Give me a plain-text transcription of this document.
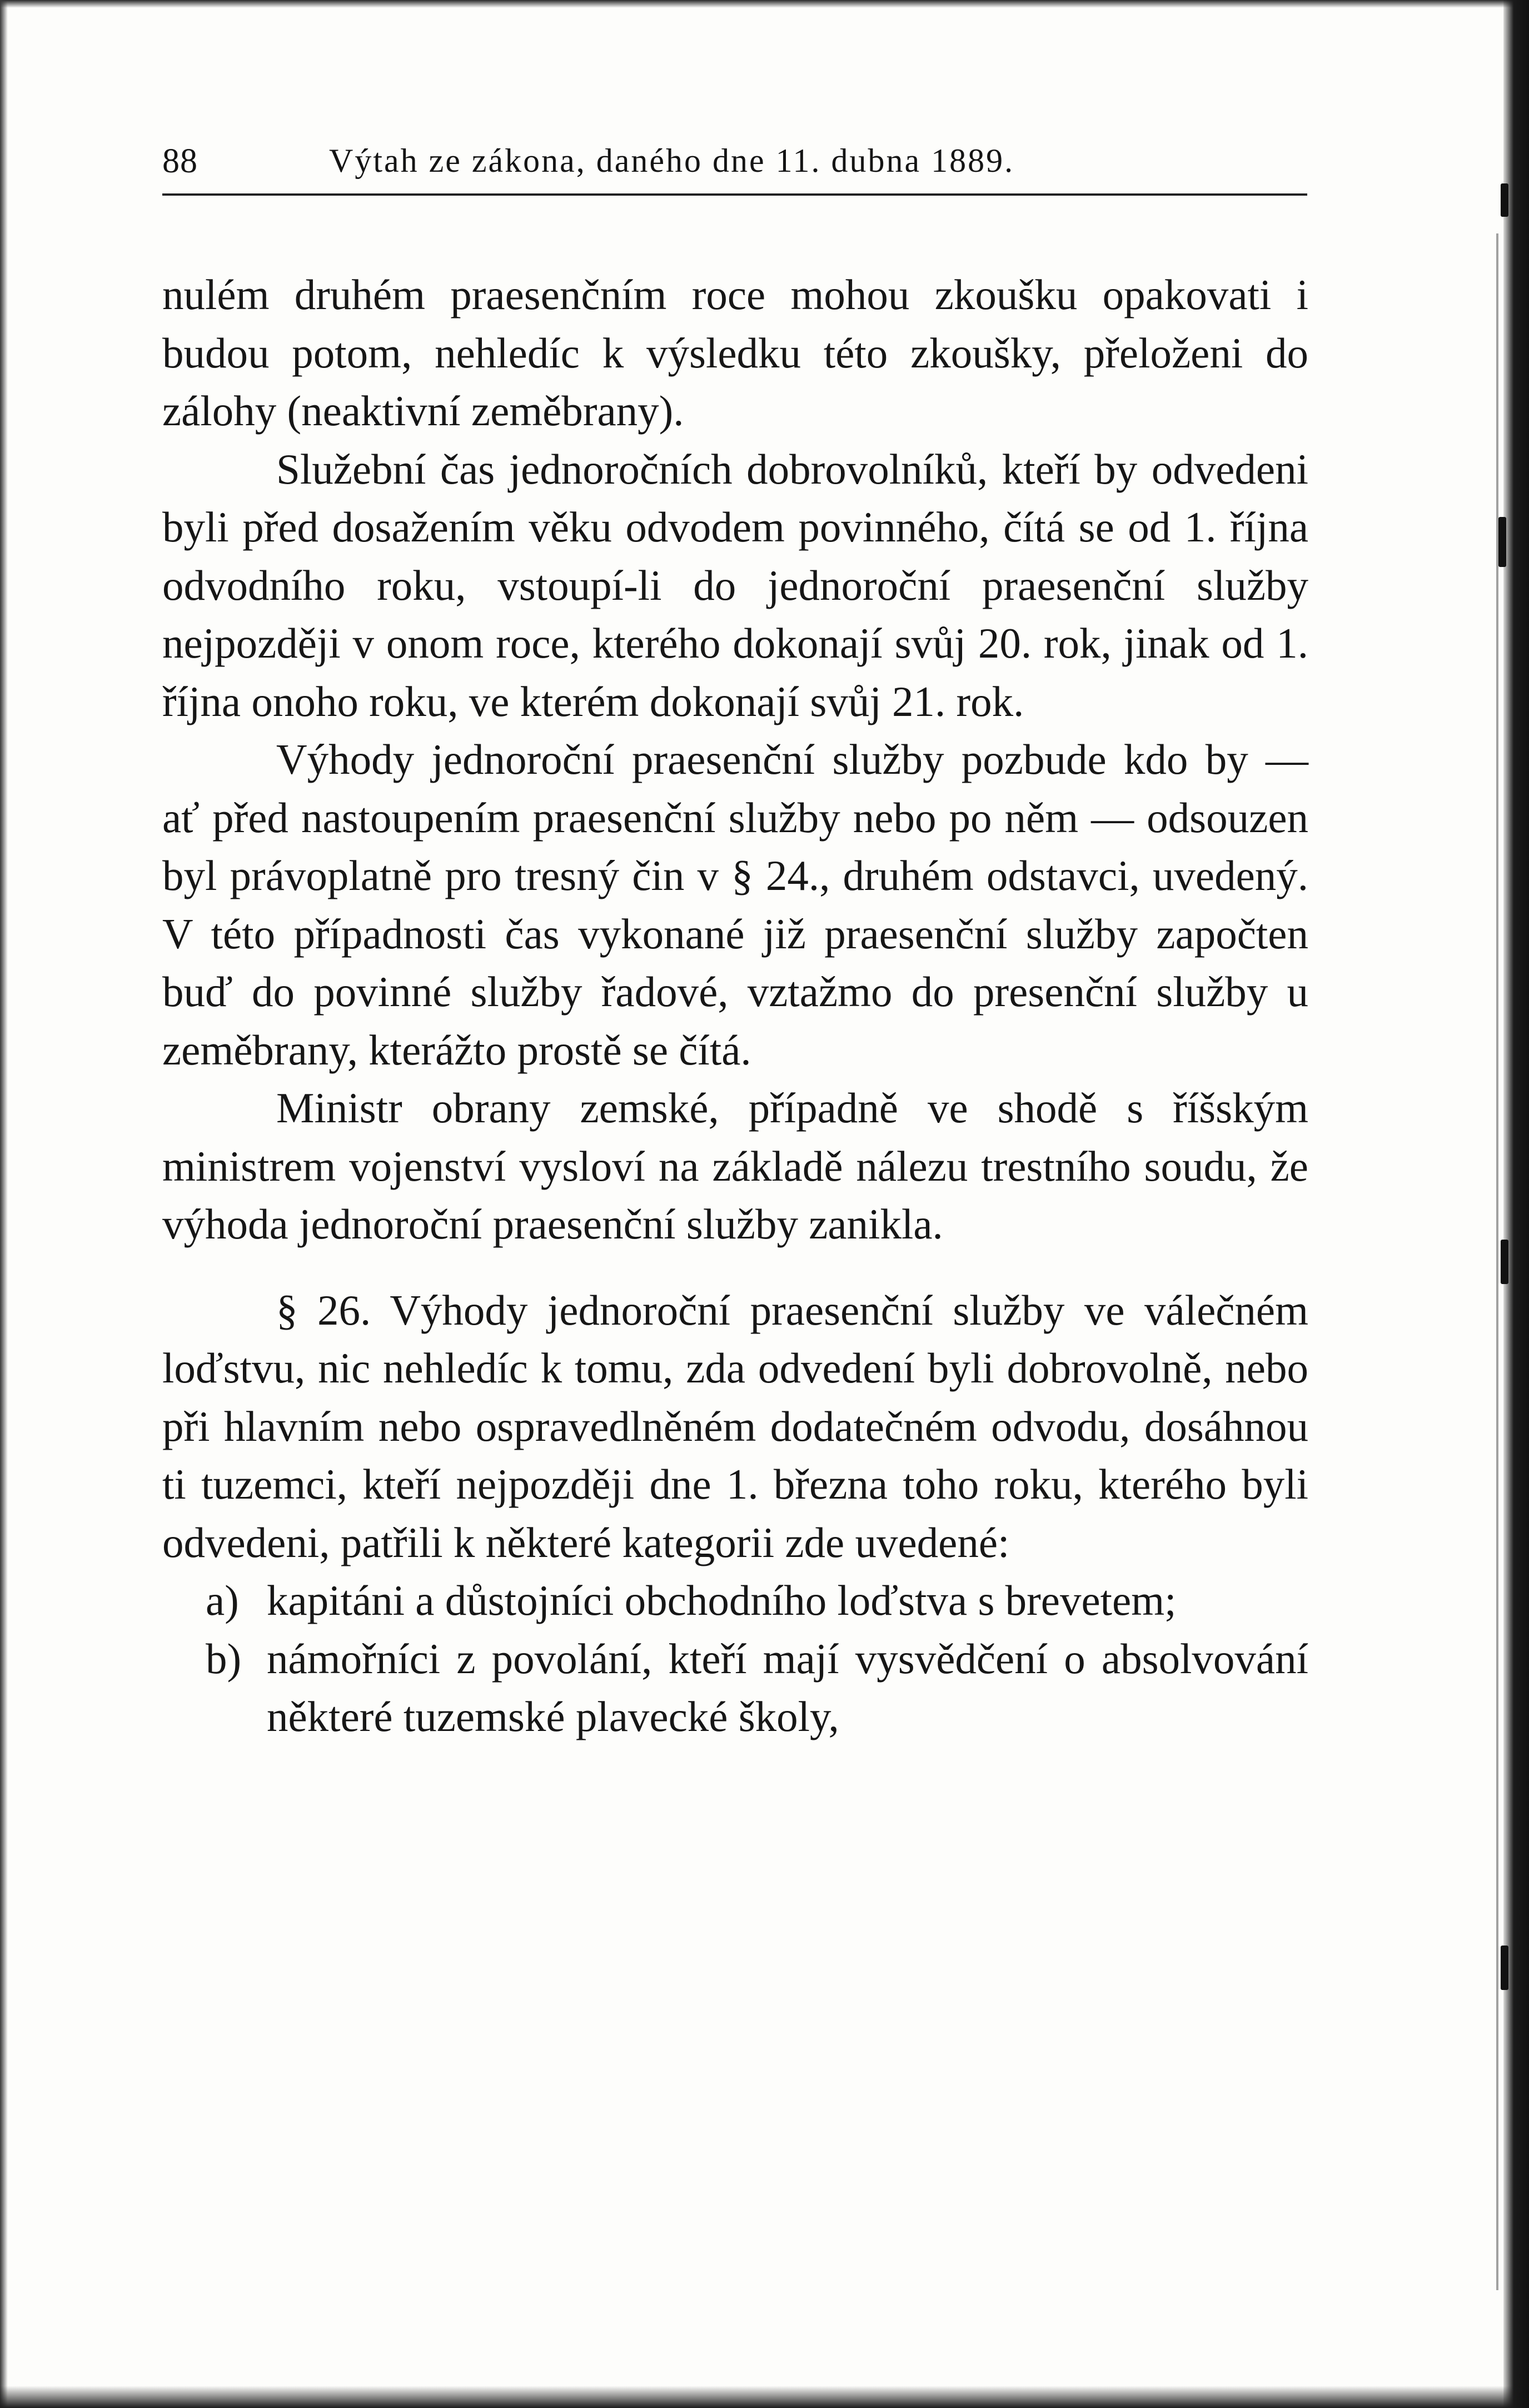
88	Výtah ze zákona, daného dne 11. dubna 1889.

nulém druhém praesenčním roce mohou zkoušku opakovati i budou potom, nehledíc k výsledku této zkoušky, přeloženi do zálohy (neaktivní zeměbrany).

Služební čas jednoročních dobrovolníků, kteří by odvedeni byli před dosažením věku odvodem povinného, čítá se od 1. října odvodního roku, vstoupí-li do jednoroční praesenční služby nejpozději v onom roce, kterého dokonají svůj 20. rok, jinak od 1. října onoho roku, ve kterém dokonají svůj 21. rok.

Výhody jednoroční praesenční služby pozbude kdo by — ať před nastoupením praesenční služby nebo po něm — odsouzen byl právoplatně pro tresný čin v § 24., druhém odstavci, uvedený. V této případnosti čas vykonané již praesenční služby započten buď do povinné služby řadové, vztažmo do presenční služby u zeměbrany, kterážto prostě se čítá.

Ministr obrany zemské, případně ve shodě s říšským ministrem vojenství vysloví na základě nálezu trestního soudu, že výhoda jednoroční praesenční služby zanikla.

§ 26. Výhody jednoroční praesenční služby ve válečném loďstvu, nic nehledíc k tomu, zda odvedení byli dobrovolně, nebo při hlavním nebo ospravedlněném dodatečném odvodu, dosáhnou ti tuzemci, kteří nejpozději dne 1. března toho roku, kterého byli odvedeni, patřili k některé kategorii zde uvedené:

a) kapitáni a důstojníci obchodního loďstva s brevetem;
b) námořníci z povolání, kteří mají vysvědčení o absolvování některé tuzemské plavecké školy,
